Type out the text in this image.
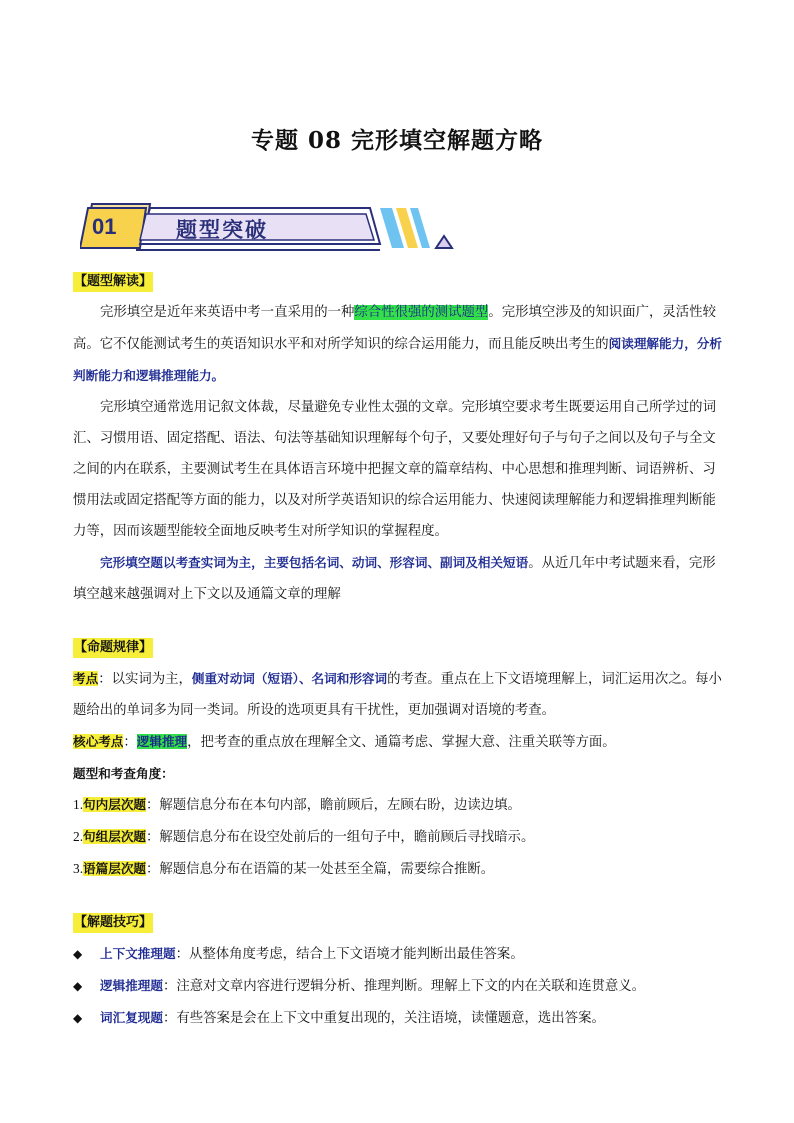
专题 08 完形填空解题方略
01	题型突破

【题型解读】

完形填空是近年来英语中考一直采用的一种综合性很强的测试题型。完形填空涉及的知识面广，灵活性较高。它不仅能测试考生的英语知识水平和对所学知识的综合运用能力，而且能反映出考生的阅读理解能力，分析判断能力和逻辑推理能力。

完形填空通常选用记叙文体裁，尽量避免专业性太强的文章。完形填空要求考生既要运用自己所学过的词汇、习惯用语、固定搭配、语法、句法等基础知识理解每个句子，又要处理好句子与句子之间以及句子与全文之间的内在联系，主要测试考生在具体语言环境中把握文章的篇章结构、中心思想和推理判断、词语辨析、习惯用法或固定搭配等方面的能力，以及对所学英语知识的综合运用能力、快速阅读理解能力和逻辑推理判断能力等，因而该题型能较全面地反映考生对所学知识的掌握程度。

完形填空题以考查实词为主，主要包括名词、动词、形容词、副词及相关短语。从近几年中考试题来看，完形填空越来越强调对上下文以及通篇文章的理解

【命题规律】

考点：以实词为主，侧重对动词（短语）、名词和形容词的考查。重点在上下文语境理解上，词汇运用次之。每小题给出的单词多为同一类词。所设的选项更具有干扰性，更加强调对语境的考查。

核心考点：逻辑推理，把考查的重点放在理解全文、通篇考虑、掌握大意、注重关联等方面。

题型和考查角度：

1.句内层次题：解题信息分布在本句内部，瞻前顾后，左顾右盼，边读边填。

2.句组层次题：解题信息分布在设空处前后的一组句子中，瞻前顾后寻找暗示。

3.语篇层次题：解题信息分布在语篇的某一处甚至全篇，需要综合推断。

【解题技巧】

◆	上下文推理题：从整体角度考虑，结合上下文语境才能判断出最佳答案。
◆	逻辑推理题：注意对文章内容进行逻辑分析、推理判断。理解上下文的内在关联和连贯意义。
◆	词汇复现题：有些答案是会在上下文中重复出现的，关注语境，读懂题意，选出答案。
